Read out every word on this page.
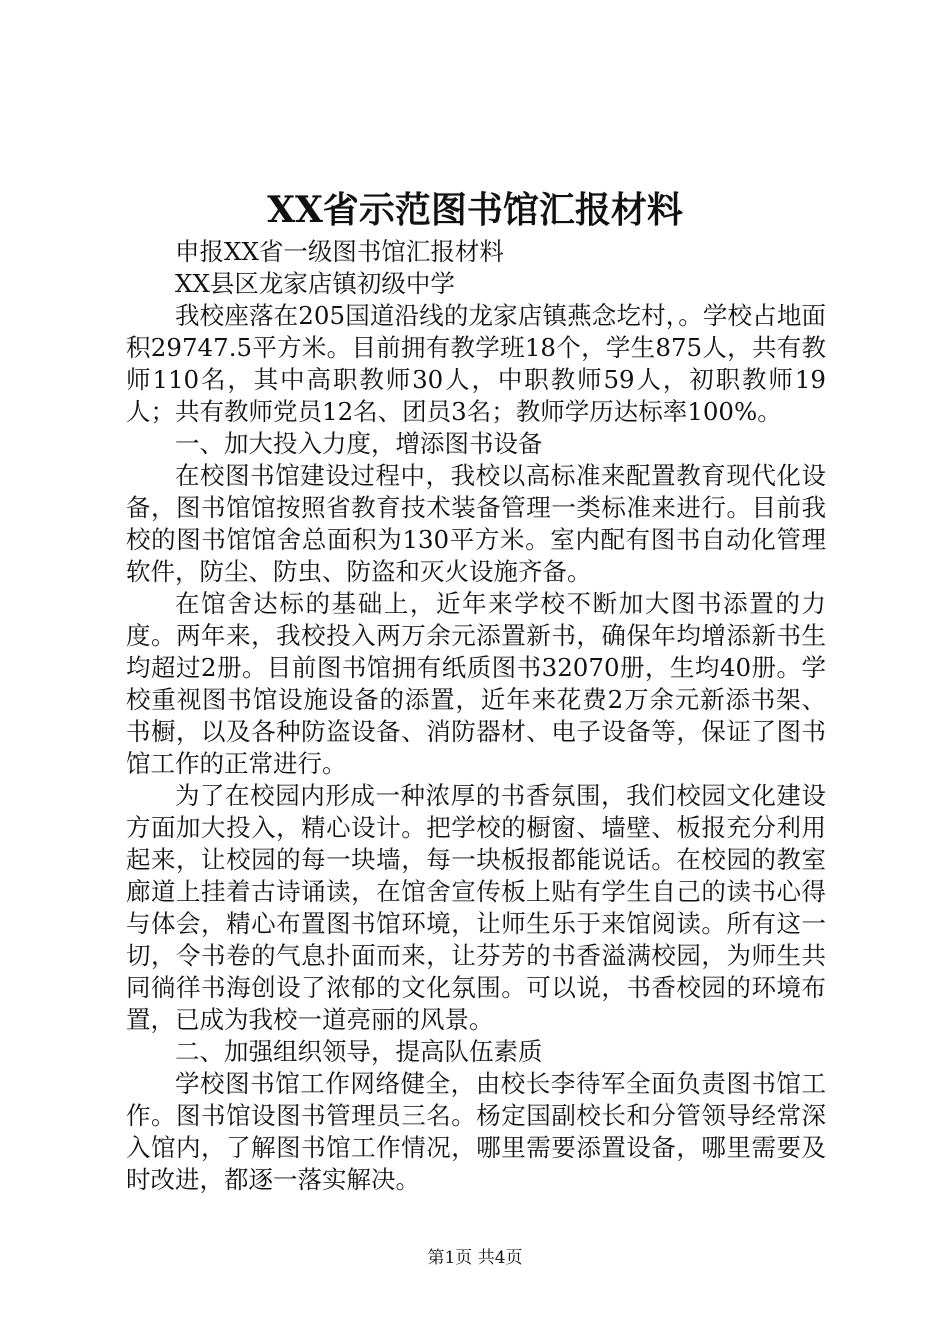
XX省示范图书馆汇报材料

申报XX省一级图书馆汇报材料

XX县区龙家店镇初级中学

我校座落在205国道沿线的龙家店镇燕念圪村，。学校占地面积29747.5平方米。目前拥有教学班18个，学生875人，共有教师110名，其中高职教师30人，中职教师59人，初职教师19人；共有教师党员12名、团员3名；教师学历达标率100%。

一、加大投入力度，增添图书设备

在校图书馆建设过程中，我校以高标准来配置教育现代化设备，图书馆馆按照省教育技术装备管理一类标准来进行。目前我校的图书馆馆舍总面积为130平方米。室内配有图书自动化管理软件，防尘、防虫、防盗和灭火设施齐备。

在馆舍达标的基础上，近年来学校不断加大图书添置的力度。两年来，我校投入两万余元添置新书，确保年均增添新书生均超过2册。目前图书馆拥有纸质图书32070册，生均40册。学校重视图书馆设施设备的添置，近年来花费2万余元新添书架、书橱，以及各种防盗设备、消防器材、电子设备等，保证了图书馆工作的正常进行。

为了在校园内形成一种浓厚的书香氛围，我们校园文化建设方面加大投入，精心设计。把学校的橱窗、墙壁、板报充分利用起来，让校园的每一块墙，每一块板报都能说话。在校园的教室廊道上挂着古诗诵读，在馆舍宣传板上贴有学生自己的读书心得与体会，精心布置图书馆环境，让师生乐于来馆阅读。所有这一切，令书卷的气息扑面而来，让芬芳的书香溢满校园，为师生共同徜徉书海创设了浓郁的文化氛围。可以说，书香校园的环境布置，已成为我校一道亮丽的风景。

二、加强组织领导，提高队伍素质

学校图书馆工作网络健全，由校长李待军全面负责图书馆工作。图书馆设图书管理员三名。杨定国副校长和分管领导经常深入馆内，了解图书馆工作情况，哪里需要添置设备，哪里需要及时改进，都逐一落实解决。

第1页 共4页
